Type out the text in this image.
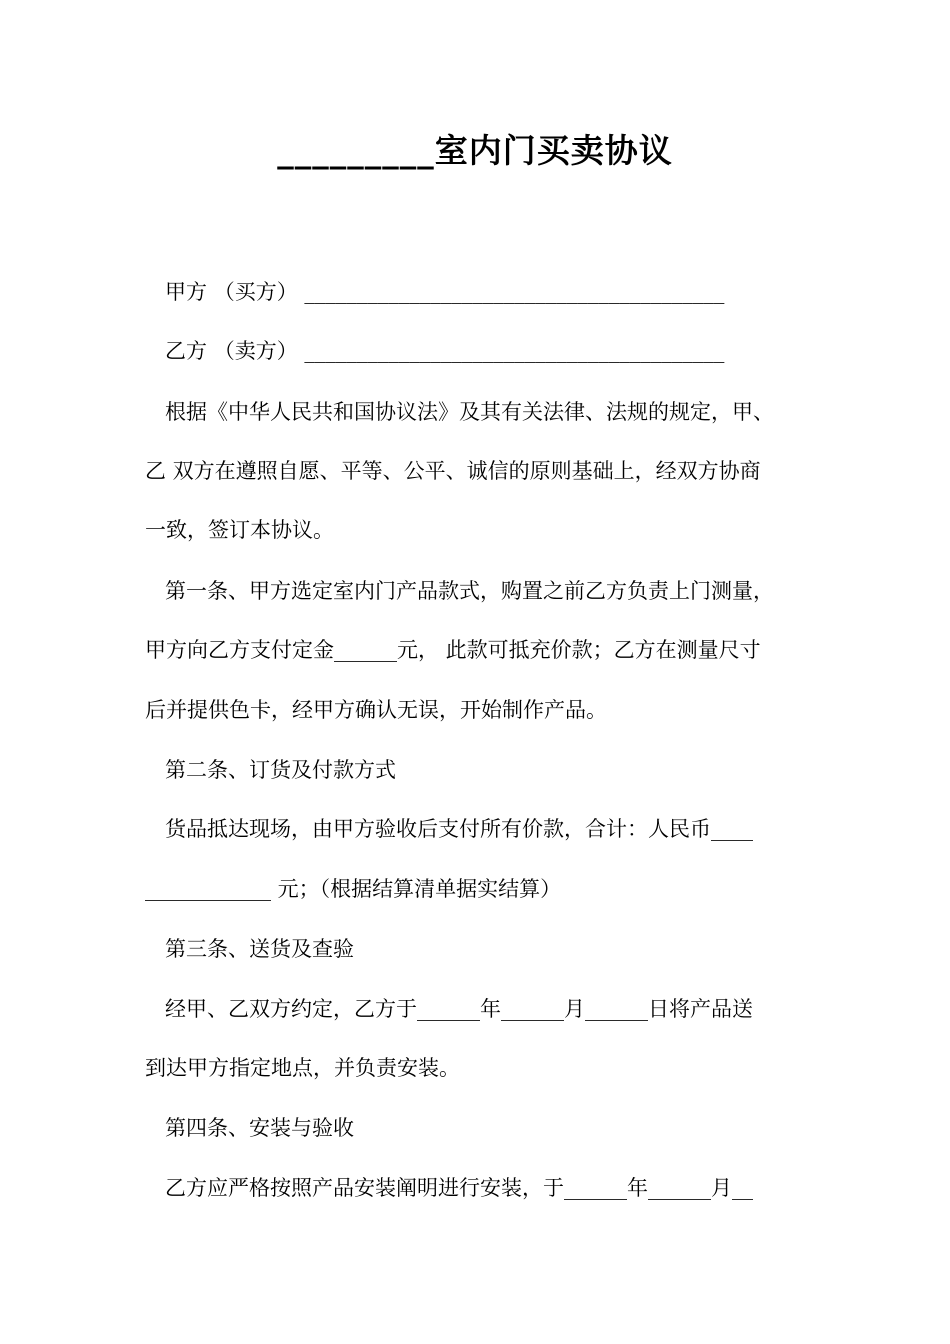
_________室内门买卖协议
甲方 （买方） ________________________________________
乙方 （卖方） ________________________________________
根据《中华人民共和国协议法》及其有关法律、法规的规定，甲、
乙 双方在遵照自愿、平等、公平、诚信的原则基础上，经双方协商
一致，签订本协议。
第一条、甲方选定室内门产品款式，购置之前乙方负责上门测量，
甲方向乙方支付定金______元， 此款可抵充价款；乙方在测量尺寸
后并提供色卡，经甲方确认无误，开始制作产品。
第二条、订货及付款方式
货品抵达现场，由甲方验收后支付所有价款，合计：人民币____
____________ 元；（根据结算清单据实结算）
第三条、送货及查验
经甲、乙双方约定，乙方于______年______月______日将产品送
到达甲方指定地点，并负责安装。
第四条、安装与验收
乙方应严格按照产品安装阐明进行安装，于______年______月__
